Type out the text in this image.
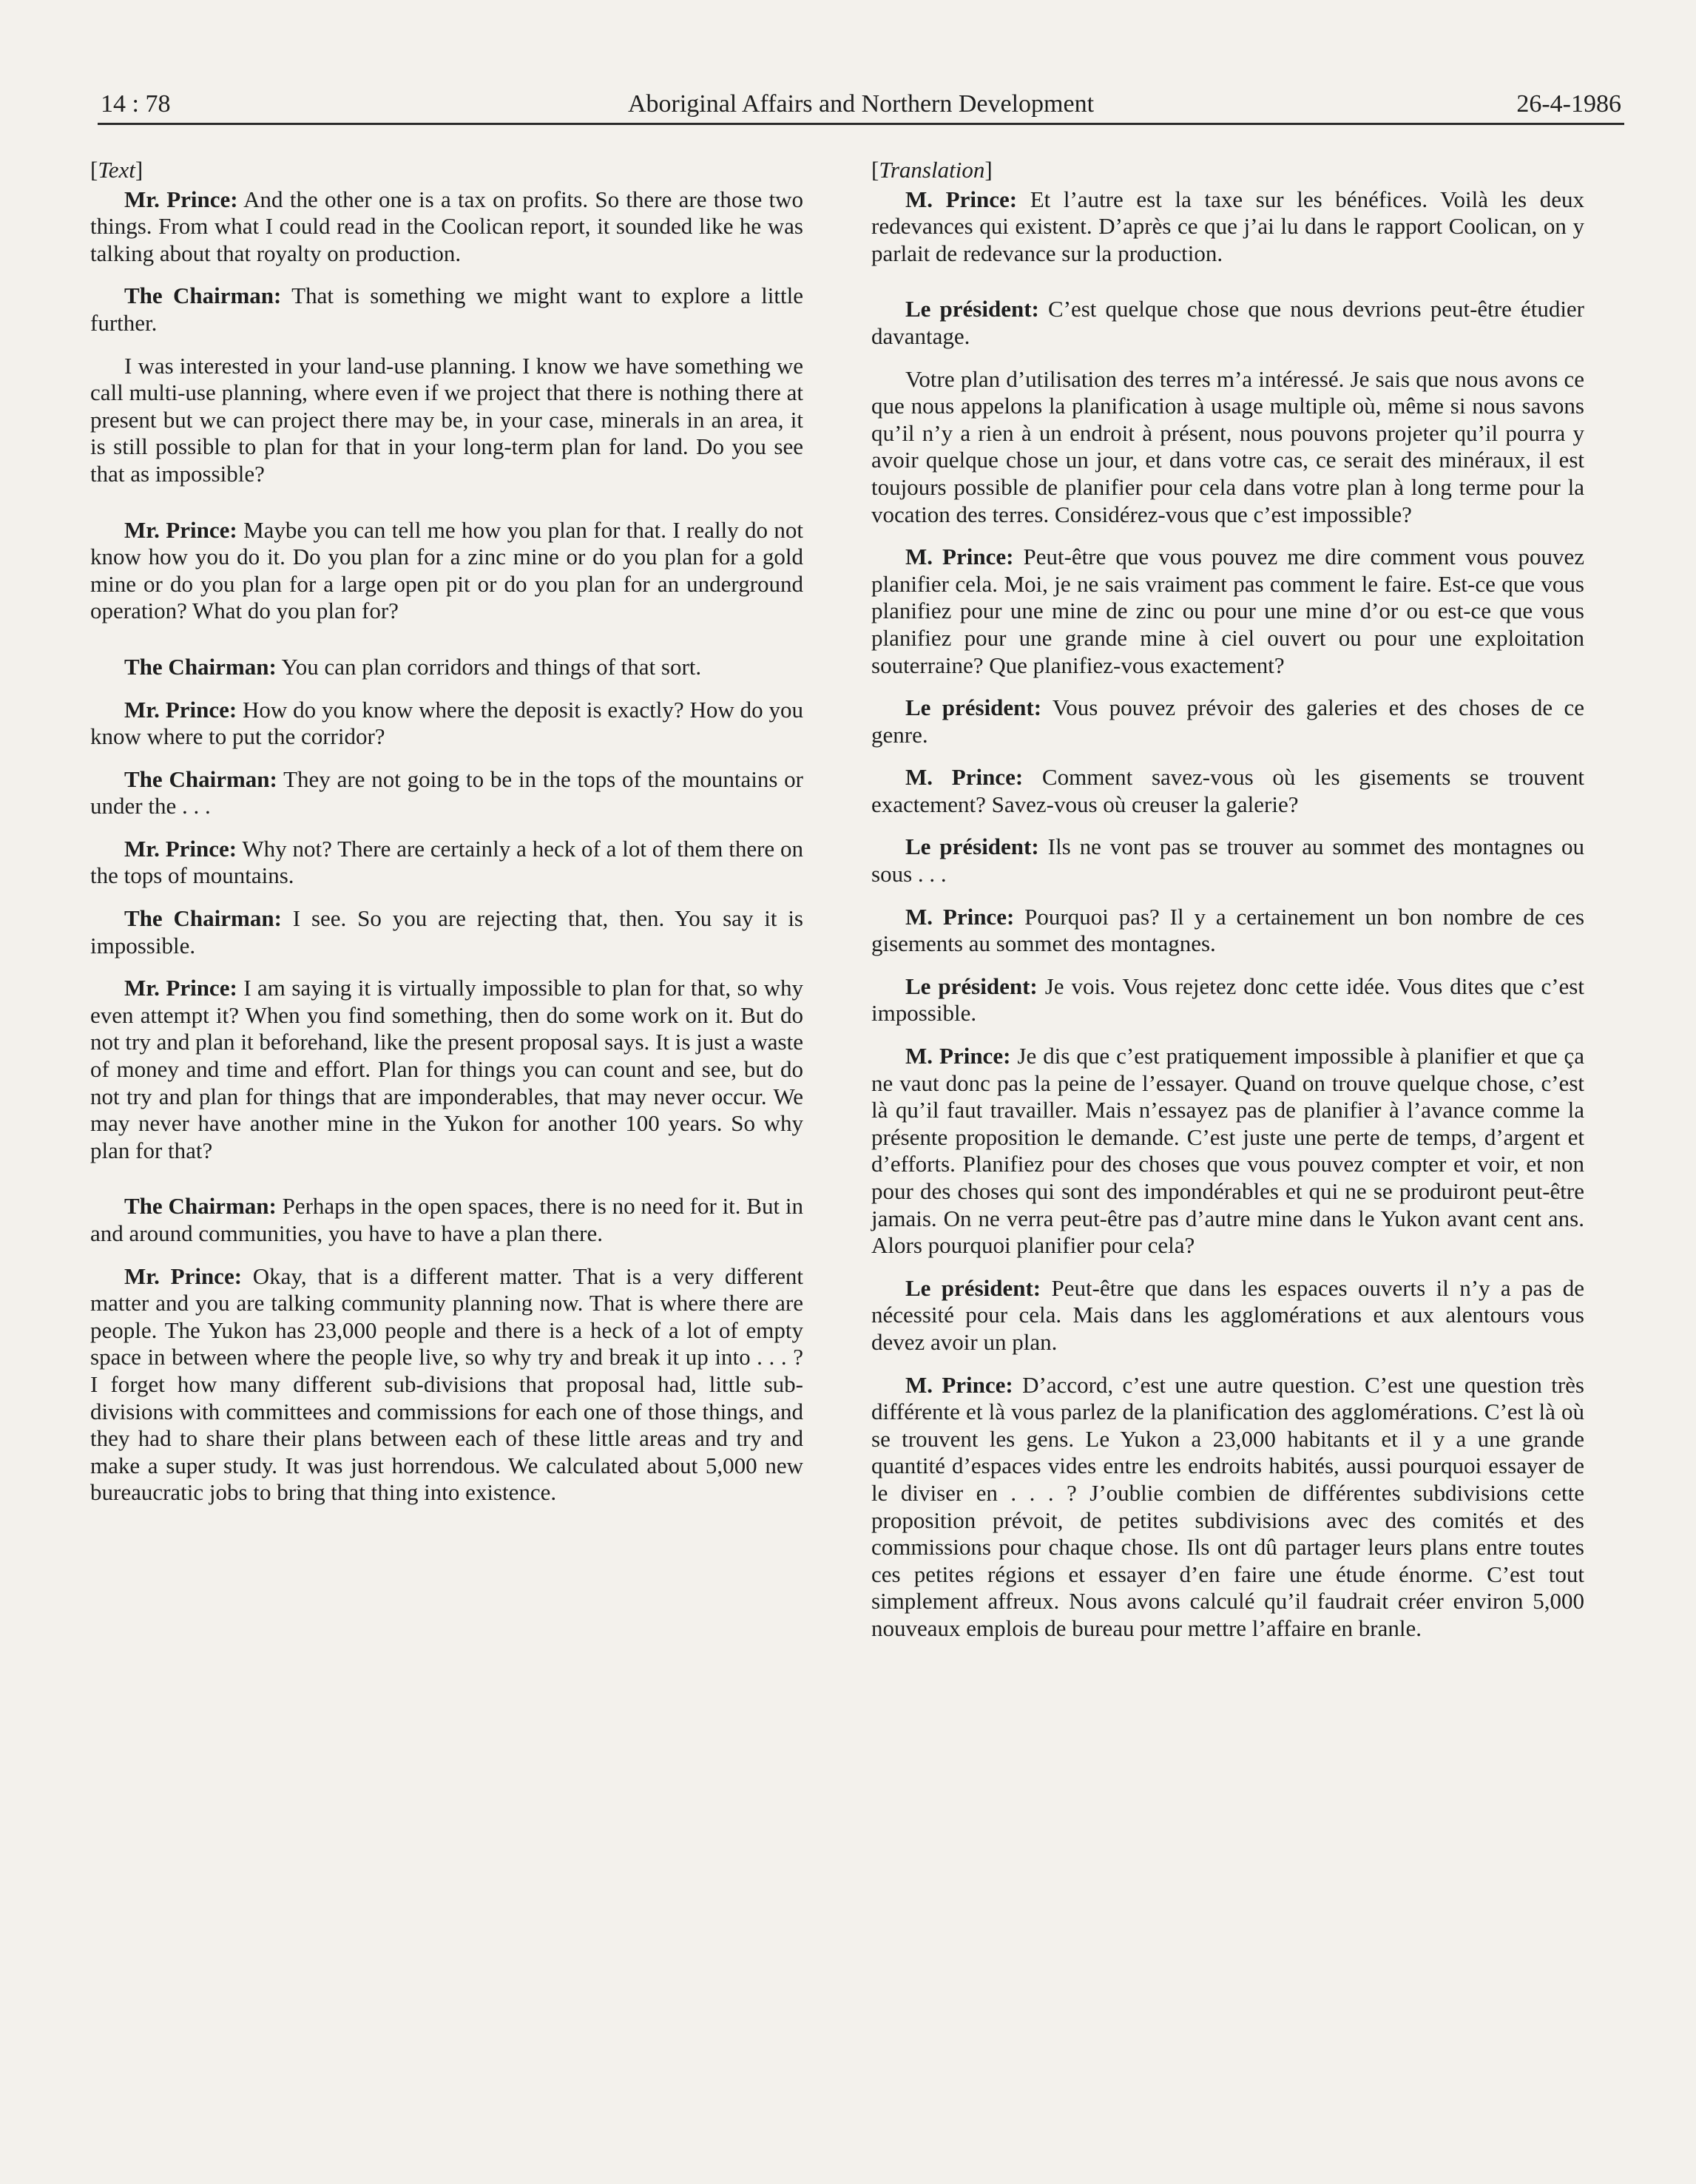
14 : 78	Aboriginal Affairs and Northern Development	26-4-1986
[Text]

Mr. Prince: And the other one is a tax on profits. So there are those two things. From what I could read in the Coolican report, it sounded like he was talking about that royalty on production.

The Chairman: That is something we might want to explore a little further.

I was interested in your land-use planning. I know we have something we call multi-use planning, where even if we project that there is nothing there at present but we can project there may be, in your case, minerals in an area, it is still possible to plan for that in your long-term plan for land. Do you see that as impossible?

Mr. Prince: Maybe you can tell me how you plan for that. I really do not know how you do it. Do you plan for a zinc mine or do you plan for a gold mine or do you plan for a large open pit or do you plan for an underground operation? What do you plan for?

The Chairman: You can plan corridors and things of that sort.

Mr. Prince: How do you know where the deposit is exactly? How do you know where to put the corridor?

The Chairman: They are not going to be in the tops of the mountains or under the . . .

Mr. Prince: Why not? There are certainly a heck of a lot of them there on the tops of mountains.

The Chairman: I see. So you are rejecting that, then. You say it is impossible.

Mr. Prince: I am saying it is virtually impossible to plan for that, so why even attempt it? When you find something, then do some work on it. But do not try and plan it beforehand, like the present proposal says. It is just a waste of money and time and effort. Plan for things you can count and see, but do not try and plan for things that are imponderables, that may never occur. We may never have another mine in the Yukon for another 100 years. So why plan for that?

The Chairman: Perhaps in the open spaces, there is no need for it. But in and around communities, you have to have a plan there.

Mr. Prince: Okay, that is a different matter. That is a very different matter and you are talking community planning now. That is where there are people. The Yukon has 23,000 people and there is a heck of a lot of empty space in between where the people live, so why try and break it up into . . . ? I forget how many different sub-divisions that proposal had, little sub-divisions with committees and commissions for each one of those things, and they had to share their plans between each of these little areas and try and make a super study. It was just horrendous. We calculated about 5,000 new bureaucratic jobs to bring that thing into existence.

[Translation]

M. Prince: Et l’autre est la taxe sur les bénéfices. Voilà les deux redevances qui existent. D’après ce que j’ai lu dans le rapport Coolican, on y parlait de redevance sur la production.

Le président: C’est quelque chose que nous devrions peut-être étudier davantage.

Votre plan d’utilisation des terres m’a intéressé. Je sais que nous avons ce que nous appelons la planification à usage multiple où, même si nous savons qu’il n’y a rien à un endroit à présent, nous pouvons projeter qu’il pourra y avoir quelque chose un jour, et dans votre cas, ce serait des minéraux, il est toujours possible de planifier pour cela dans votre plan à long terme pour la vocation des terres. Considérez-vous que c’est impossible?

M. Prince: Peut-être que vous pouvez me dire comment vous pouvez planifier cela. Moi, je ne sais vraiment pas comment le faire. Est-ce que vous planifiez pour une mine de zinc ou pour une mine d’or ou est-ce que vous planifiez pour une grande mine à ciel ouvert ou pour une exploitation souterraine? Que planifiez-vous exactement?

Le président: Vous pouvez prévoir des galeries et des choses de ce genre.

M. Prince: Comment savez-vous où les gisements se trouvent exactement? Savez-vous où creuser la galerie?

Le président: Ils ne vont pas se trouver au sommet des montagnes ou sous . . .

M. Prince: Pourquoi pas? Il y a certainement un bon nombre de ces gisements au sommet des montagnes.

Le président: Je vois. Vous rejetez donc cette idée. Vous dites que c’est impossible.

M. Prince: Je dis que c’est pratiquement impossible à planifier et que ça ne vaut donc pas la peine de l’essayer. Quand on trouve quelque chose, c’est là qu’il faut travailler. Mais n’essayez pas de planifier à l’avance comme la présente proposition le demande. C’est juste une perte de temps, d’argent et d’efforts. Planifiez pour des choses que vous pouvez compter et voir, et non pour des choses qui sont des impondérables et qui ne se produiront peut-être jamais. On ne verra peut-être pas d’autre mine dans le Yukon avant cent ans. Alors pourquoi planifier pour cela?

Le président: Peut-être que dans les espaces ouverts il n’y a pas de nécessité pour cela. Mais dans les agglomérations et aux alentours vous devez avoir un plan.

M. Prince: D’accord, c’est une autre question. C’est une question très différente et là vous parlez de la planification des agglomérations. C’est là où se trouvent les gens. Le Yukon a 23,000 habitants et il y a une grande quantité d’espaces vides entre les endroits habités, aussi pourquoi essayer de le diviser en . . . ? J’oublie combien de différentes subdivisions cette proposition prévoit, de petites subdivisions avec des comités et des commissions pour chaque chose. Ils ont dû partager leurs plans entre toutes ces petites régions et essayer d’en faire une étude énorme. C’est tout simplement affreux. Nous avons calculé qu’il faudrait créer environ 5,000 nouveaux emplois de bureau pour mettre l’affaire en branle.
